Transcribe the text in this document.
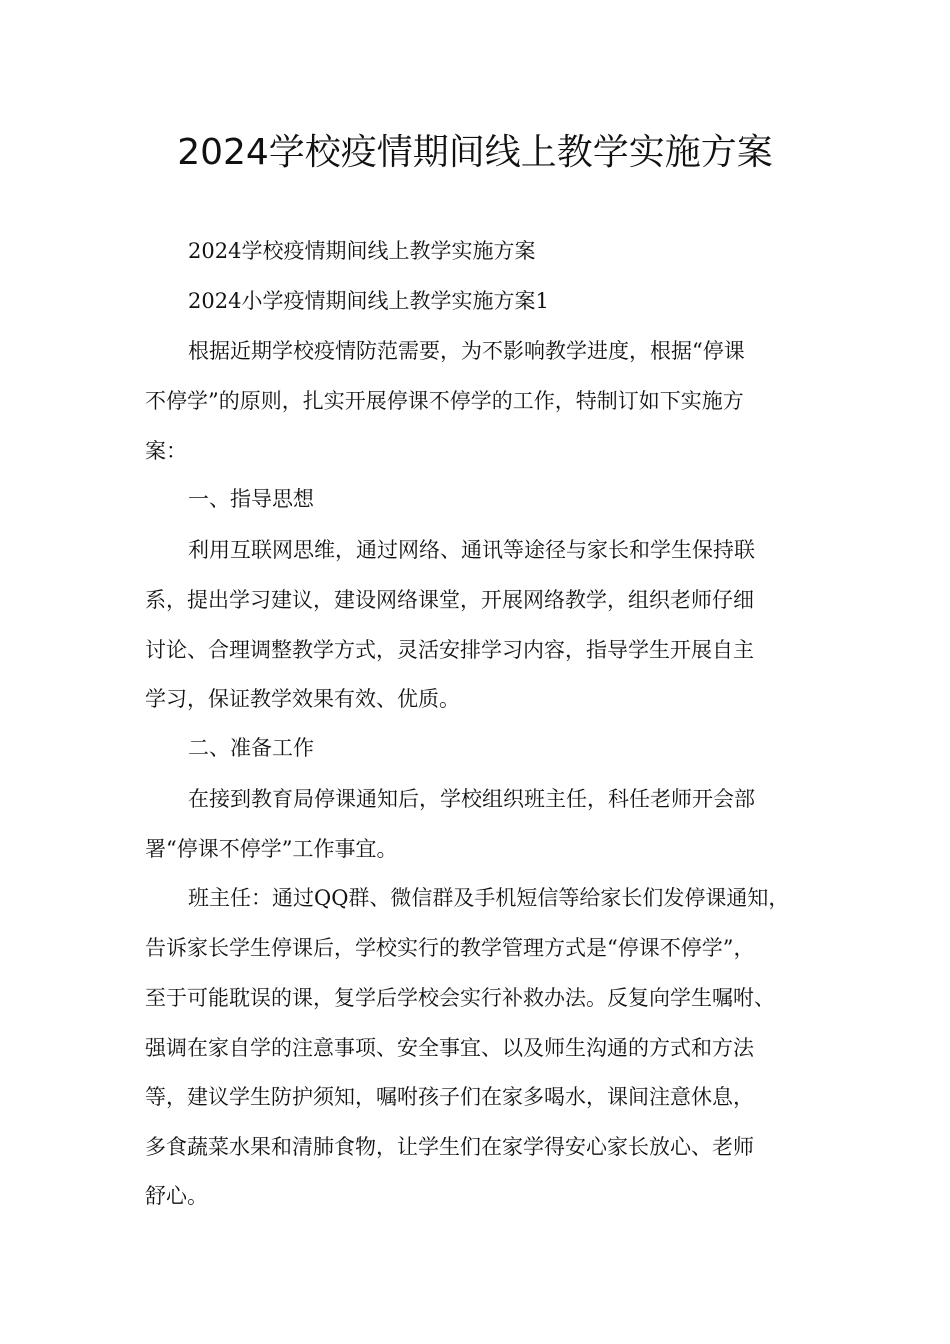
2024学校疫情期间线上教学实施方案
2024学校疫情期间线上教学实施方案
2024小学疫情期间线上教学实施方案1
根据近期学校疫情防范需要，为不影响教学进度，根据“停课
不停学”的原则，扎实开展停课不停学的工作，特制订如下实施方
案：
一、指导思想
利用互联网思维，通过网络、通讯等途径与家长和学生保持联
系，提出学习建议，建设网络课堂，开展网络教学，组织老师仔细
讨论、合理调整教学方式，灵活安排学习内容，指导学生开展自主
学习，保证教学效果有效、优质。
二、准备工作
在接到教育局停课通知后，学校组织班主任，科任老师开会部
署“停课不停学”工作事宜。
班主任：通过QQ群、微信群及手机短信等给家长们发停课通知，
告诉家长学生停课后，学校实行的教学管理方式是“停课不停学”，
至于可能耽误的课，复学后学校会实行补救办法。反复向学生嘱咐、
强调在家自学的注意事项、安全事宜、以及师生沟通的方式和方法
等，建议学生防护须知，嘱咐孩子们在家多喝水，课间注意休息，
多食蔬菜水果和清肺食物，让学生们在家学得安心家长放心、老师
舒心。
